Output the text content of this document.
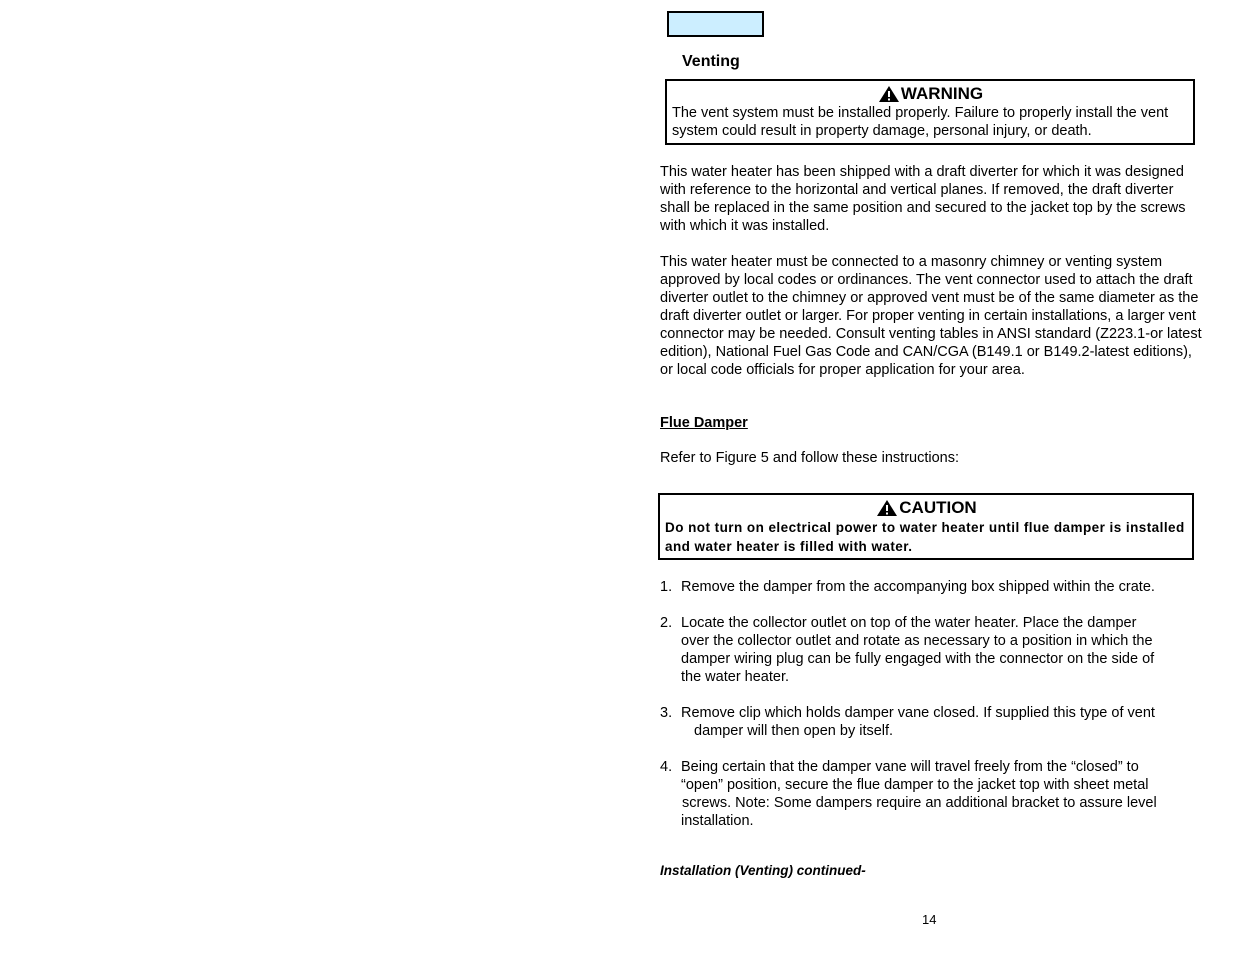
Venting
WARNING
The vent system must be installed properly. Failure to properly install the vent system could result in property damage, personal injury, or death.
This water heater has been shipped with a draft diverter for which it was designed with reference to the horizontal and vertical planes. If removed, the draft diverter shall be replaced in the same position and secured to the jacket top by the screws with which it was installed.
This water heater must be connected to a masonry chimney or venting system approved by local codes or ordinances. The vent connector used to attach the draft diverter outlet to the chimney or approved vent must be of the same diameter as the draft diverter outlet or larger. For proper venting in certain installations, a larger vent connector may be needed. Consult venting tables in ANSI standard (Z223.1-or latest edition), National Fuel Gas Code and CAN/CGA (B149.1 or B149.2-latest editions), or local code officials for proper application for your area.
Flue Damper
Refer to Figure 5 and follow these instructions:
CAUTION
Do not turn on electrical power to water heater until flue damper is installed and water heater is filled with water.
1. Remove the damper from the accompanying box shipped within the crate.
2. Locate the collector outlet on top of the water heater. Place the damper
over the collector outlet and rotate as necessary to a position in which the
damper wiring plug can be fully engaged with the connector on the side of
the water heater.
3. Remove clip which holds damper vane closed. If supplied this type of vent
damper will then open by itself.
4. Being certain that the damper vane will travel freely from the “closed” to
“open” position, secure the flue damper to the jacket top with sheet metal
screws. Note: Some dampers require an additional bracket to assure level
installation.
Installation (Venting) continued-
14
